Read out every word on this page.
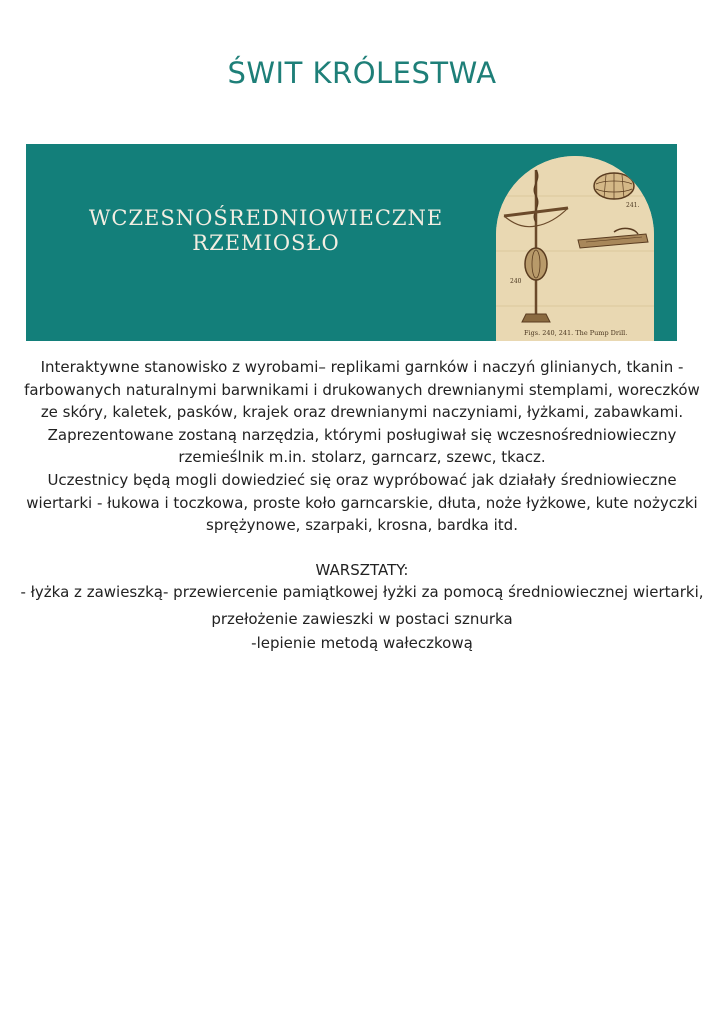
ŚWIT KRÓLESTWA
WCZESNOŚREDNIOWIECZNE
RZEMIOSŁO
241.
240
Figs. 240, 241. The Pump Drill.

Interaktywne stanowisko z wyrobami– replikami garnków i naczyń glinianych, tkanin -

farbowanych naturalnymi barwnikami i drukowanych drewnianymi stemplami, woreczków

ze skóry, kaletek, pasków, krajek oraz drewnianymi naczyniami, łyżkami, zabawkami.

Zaprezentowane zostaną narzędzia, którymi posługiwał się wczesnośredniowieczny

rzemieślnik m.in. stolarz, garncarz, szewc, tkacz.

Uczestnicy będą mogli dowiedzieć się oraz wypróbować jak działały średniowieczne

wiertarki - łukowa i toczkowa, proste koło garncarskie, dłuta, noże łyżkowe, kute nożyczki

sprężynowe, szarpaki, krosna, bardka itd.

WARSZTATY:

- łyżka z zawieszką- przewiercenie pamiątkowej łyżki za pomocą średniowiecznej wiertarki,

przełożenie zawieszki w postaci sznurka

-lepienie metodą wałeczkową
